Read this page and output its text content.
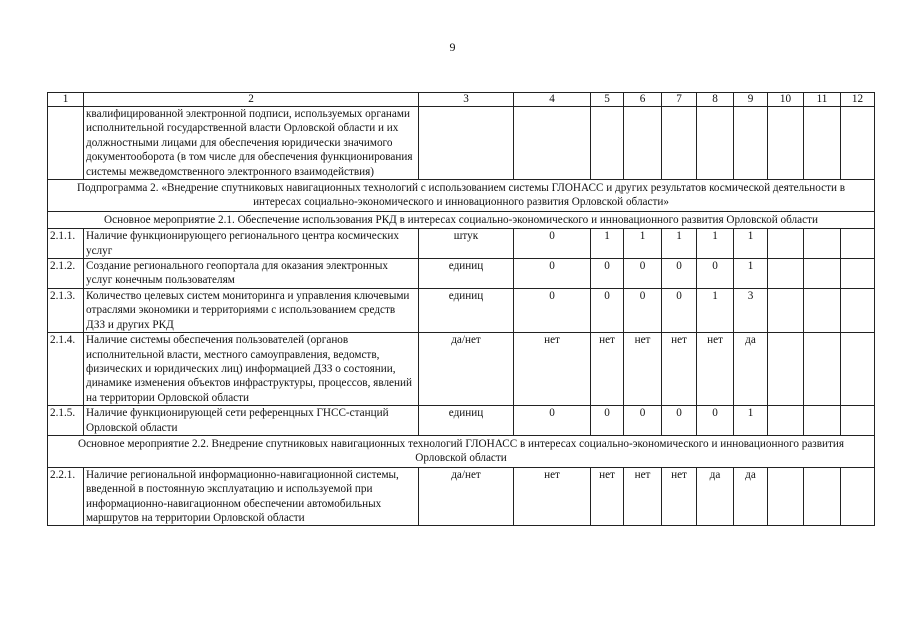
9
1	2	3	4	5	6	7	8	9	10	11	12
	квалифицированной электронной подписи, используемых органами исполнительной государственной власти Орловской области и их должностными лицами для обеспечения юридически значимого документооборота (в том числе для обеспечения функционирования системы межведомственного электронного взаимодействия)										
Подпрограмма 2. «Внедрение спутниковых навигационных технологий с использованием системы ГЛОНАСС и других результатов космической деятельности в интересах социально-экономического и инновационного развития Орловской области»											
Основное мероприятие 2.1. Обеспечение использования РКД в интересах социально-экономического и инновационного развития Орловской области											
2.1.1.	Наличие функционирующего регионального центра космических услуг	штук	0	1	1	1	1	1			
2.1.2.	Создание регионального геопортала для оказания электронных услуг конечным пользователям	единиц	0	0	0	0	0	1			
2.1.3.	Количество целевых систем мониторинга и управления ключевыми отраслями экономики и территориями с использованием средств ДЗЗ и других РКД	единиц	0	0	0	0	1	3			
2.1.4.	Наличие системы обеспечения пользователей (органов исполнительной власти, местного самоуправления, ведомств, физических и юридических лиц) информацией ДЗЗ о состоянии, динамике изменения объектов инфраструктуры, процессов, явлений на территории Орловской области	да/нет	нет	нет	нет	нет	нет	да			
2.1.5.	Наличие функционирующей сети референцных ГНСС-станций Орловской области	единиц	0	0	0	0	0	1			
Основное мероприятие 2.2. Внедрение спутниковых навигационных технологий ГЛОНАСС в интересах социально-экономического и инновационного развития Орловской области											
2.2.1.	Наличие региональной информационно-навигационной системы, введенной в постоянную эксплуатацию и используемой при информационно-навигационном обеспечении автомобильных маршрутов на территории Орловской области	да/нет	нет	нет	нет	нет	да	да			
